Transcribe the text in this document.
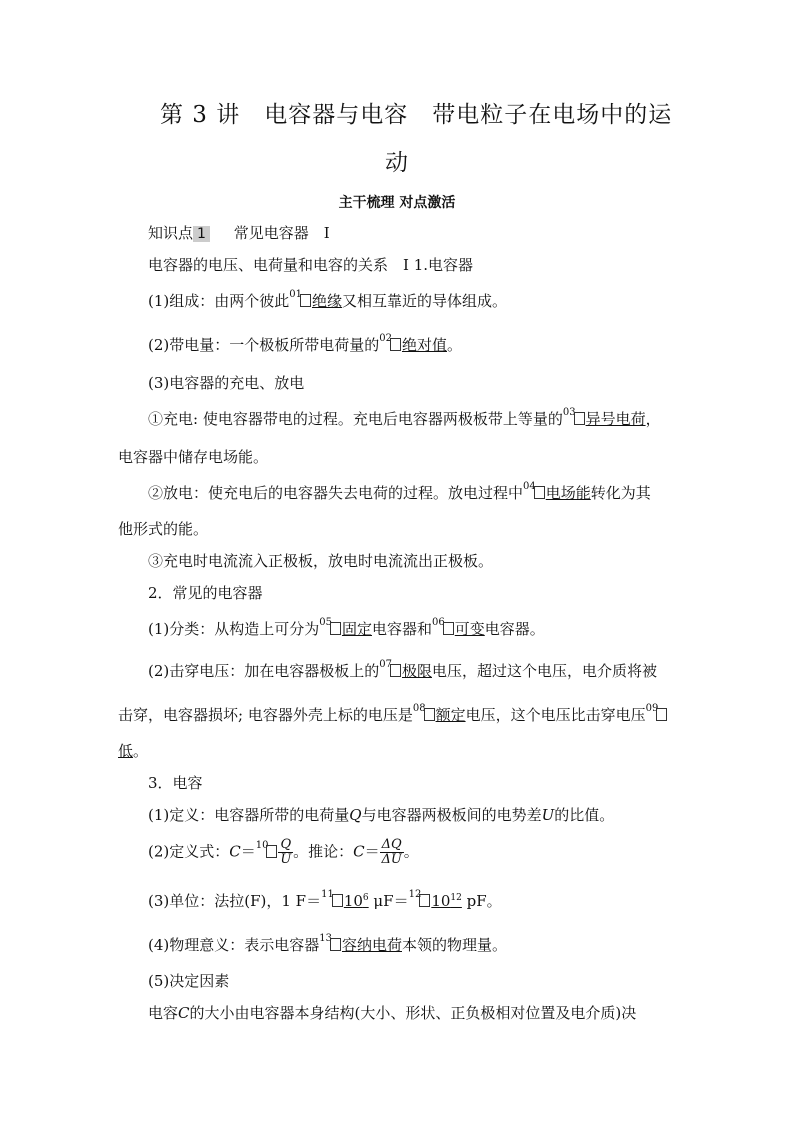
第 3 讲　电容器与电容　带电粒子在电场中的运
动
主干梳理 对点激活
知识点 1 常见电容器　Ⅰ
电容器的电压、电荷量和电容的关系　Ⅰ 1.电容器
(1)组成：由两个彼此$^{01}$ 绝缘又相互靠近的导体组成。
(2)带电量：一个极板所带电荷量的$^{02}$ 绝对值。
(3)电容器的充电、放电
①充电: 使电容器带电的过程。充电后电容器两极板带上等量的$^{03}$ 异号电荷，
电容器中储存电场能。
②放电：使充电后的电容器失去电荷的过程。放电过程中$^{04}$ 电场能转化为其
他形式的能。
③充电时电流流入正极板，放电时电流流出正极板。
2．常见的电容器
(1)分类：从构造上可分为$^{05}$ 固定电容器和$^{06}$ 可变电容器。
(2)击穿电压：加在电容器极板上的$^{07}$ 极限电压，超过这个电压，电介质将被
击穿，电容器损坏; 电容器外壳上标的电压是$^{08}$ 额定电压，这个电压比击穿电压$^{09}$
低。
3．电容
(1)定义：电容器所带的电荷量Q与电容器两极板间的电势差U的比值。
(2)定义式：$C=^{10} \frac{Q}{U}$ 。推论：$C= \frac{\Delta Q}{\Delta U}$ 。
(3)单位：法拉(F)，1 F＝$^{11}$ $10^6$ μF＝$^{12}$ $10^{12}$ pF。
(4)物理意义：表示电容器$^{13}$ 容纳电荷本领的物理量。
(5)决定因素
电容C的大小由电容器本身结构(大小、形状、正负极相对位置及电介质)决
